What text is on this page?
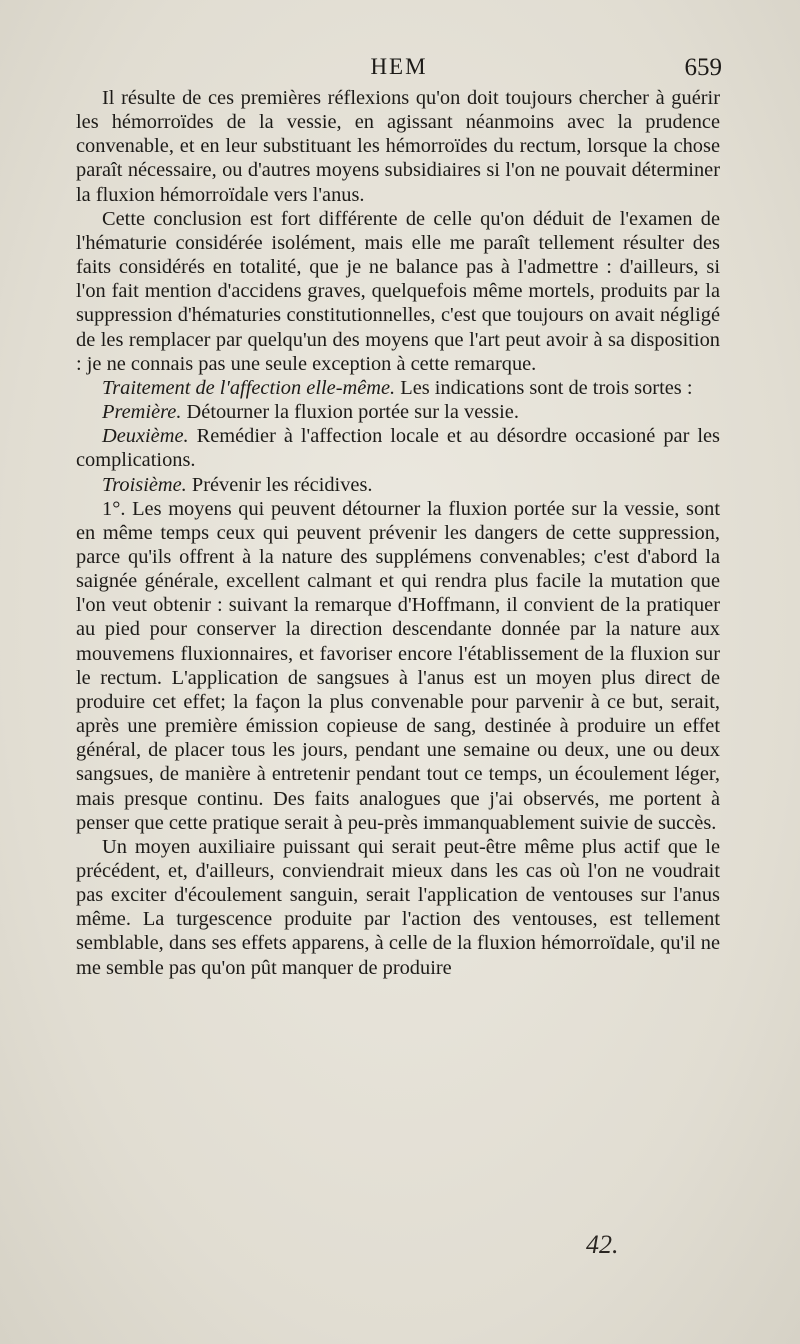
HEM	659

Il résulte de ces premières réflexions qu'on doit toujours chercher à guérir les hémorroïdes de la vessie, en agissant néanmoins avec la prudence convenable, et en leur substituant les hémorroïdes du rectum, lorsque la chose paraît nécessaire, ou d'autres moyens subsidiaires si l'on ne pouvait déterminer la fluxion hémorroïdale vers l'anus.

Cette conclusion est fort différente de celle qu'on déduit de l'examen de l'hématurie considérée isolément, mais elle me paraît tellement résulter des faits considérés en totalité, que je ne balance pas à l'admettre : d'ailleurs, si l'on fait mention d'accidens graves, quelquefois même mortels, produits par la suppression d'hématuries constitutionnelles, c'est que toujours on avait négligé de les remplacer par quelqu'un des moyens que l'art peut avoir à sa disposition : je ne connais pas une seule exception à cette remarque.

Traitement de l'affection elle-même. Les indications sont de trois sortes :

Première. Détourner la fluxion portée sur la vessie.

Deuxième. Remédier à l'affection locale et au désordre occasioné par les complications.

Troisième. Prévenir les récidives.

1°. Les moyens qui peuvent détourner la fluxion portée sur la vessie, sont en même temps ceux qui peuvent prévenir les dangers de cette suppression, parce qu'ils offrent à la nature des supplémens convenables; c'est d'abord la saignée générale, excellent calmant et qui rendra plus facile la mutation que l'on veut obtenir : suivant la remarque d'Hoffmann, il convient de la pratiquer au pied pour conserver la direction descendante donnée par la nature aux mouvemens fluxionnaires, et favoriser encore l'établissement de la fluxion sur le rectum. L'application de sangsues à l'anus est un moyen plus direct de produire cet effet; la façon la plus convenable pour parvenir à ce but, serait, après une première émission copieuse de sang, destinée à produire un effet général, de placer tous les jours, pendant une semaine ou deux, une ou deux sangsues, de manière à entretenir pendant tout ce temps, un écoulement léger, mais presque continu. Des faits analogues que j'ai observés, me portent à penser que cette pratique serait à peu-près immanquablement suivie de succès.

Un moyen auxiliaire puissant qui serait peut-être même plus actif que le précédent, et, d'ailleurs, conviendrait mieux dans les cas où l'on ne voudrait pas exciter d'écoulement sanguin, serait l'application de ventouses sur l'anus même. La turgescence produite par l'action des ventouses, est tellement semblable, dans ses effets apparens, à celle de la fluxion hémorroïdale, qu'il ne me semble pas qu'on pût manquer de produire

42.
